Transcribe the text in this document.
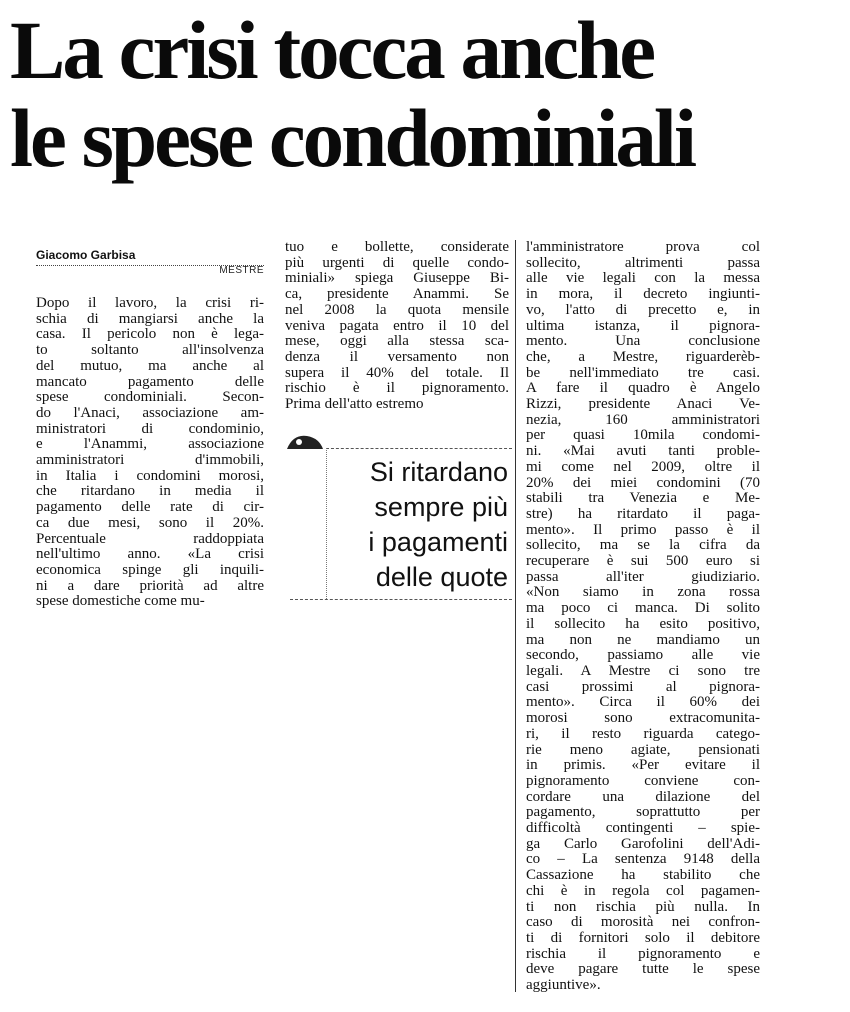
La crisi tocca anche
le spese condominiali
Giacomo Garbisa
MESTRE
Dopo il lavoro, la crisi ri-
schia di mangiarsi anche la
casa. Il pericolo non è lega-
to soltanto all'insolvenza
del mutuo, ma anche al
mancato pagamento delle
spese condominiali. Secon-
do l'Anaci, associazione am-
ministratori di condominio,
e l'Anammi, associazione
amministratori d'immobili,
in Italia i condomini morosi,
che ritardano in media il
pagamento delle rate di cir-
ca due mesi, sono il 20%.
Percentuale raddoppiata
nell'ultimo anno. «La crisi
economica spinge gli inquili-
ni a dare priorità ad altre
spese domestiche come mu-
tuo e bollette, considerate
più urgenti di quelle condo-
miniali» spiega Giuseppe Bi-
ca, presidente Anammi. Se
nel 2008 la quota mensile
veniva pagata entro il 10 del
mese, oggi alla stessa sca-
denza il versamento non
supera il 40% del totale. Il
rischio è il pignoramento.
Prima dell'atto estremo
l'amministratore prova col
sollecito, altrimenti passa
alle vie legali con la messa
in mora, il decreto ingiunti-
vo, l'atto di precetto e, in
ultima istanza, il pignora-
mento. Una conclusione
che, a Mestre, riguarderèb-
be nell'immediato tre casi.
A fare il quadro è Angelo
Rizzi, presidente Anaci Ve-
nezia, 160 amministratori
per quasi 10mila condomi-
ni. «Mai avuti tanti proble-
mi come nel 2009, oltre il
20% dei miei condomini (70
stabili tra Venezia e Me-
stre) ha ritardato il paga-
mento». Il primo passo è il
sollecito, ma se la cifra da
recuperare è sui 500 euro si
passa all'iter giudiziario.
«Non siamo in zona rossa
ma poco ci manca. Di solito
il sollecito ha esito positivo,
ma non ne mandiamo un
secondo, passiamo alle vie
legali. A Mestre ci sono tre
casi prossimi al pignora-
mento». Circa il 60% dei
morosi sono extracomunita-
ri, il resto riguarda catego-
rie meno agiate, pensionati
in primis. «Per evitare il
pignoramento conviene con-
cordare una dilazione del
pagamento, soprattutto per
difficoltà contingenti – spie-
ga Carlo Garofolini dell'Adi-
co – La sentenza 9148 della
Cassazione ha stabilito che
chi è in regola col pagamen-
ti non rischia più nulla. In
caso di morosità nei confron-
ti di fornitori solo il debitore
rischia il pignoramento e
deve pagare tutte le spese
aggiuntive».
Si ritardano
sempre più
i pagamenti
delle quote
